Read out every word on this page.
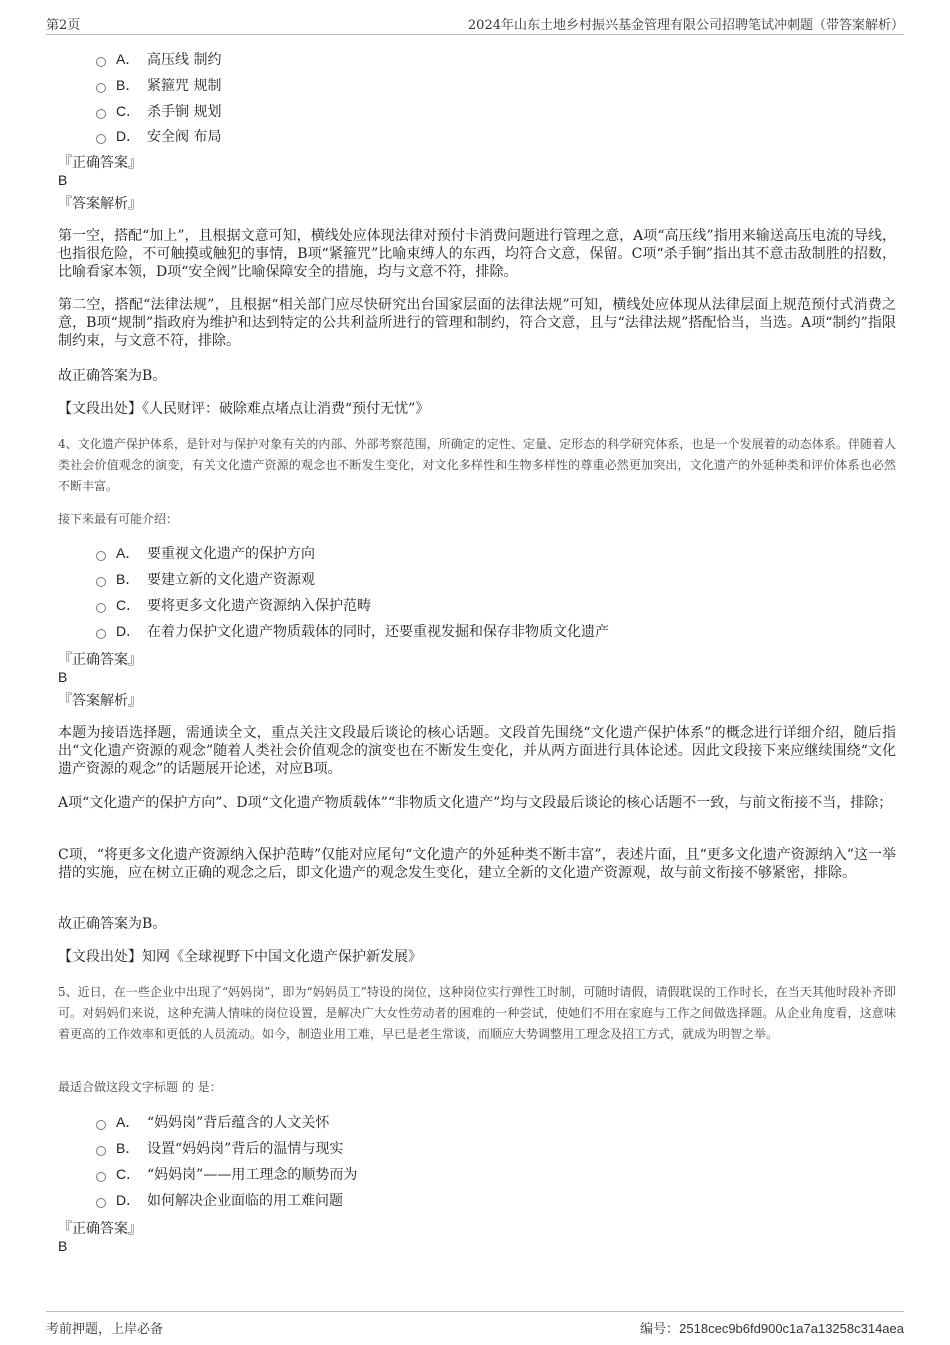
第2页	2024年山东土地乡村振兴基金管理有限公司招聘笔试冲刺题（带答案解析）
A． 高压线 制约
B． 紧箍咒 规制
C． 杀手锏 规划
D． 安全阀 布局
『正确答案』
B
『答案解析』

第一空，搭配“加上”，且根据文意可知，横线处应体现法律对预付卡消费问题进行管理之意，A项“高压线”指用来输送高压电流的导线，也指很危险，不可触摸或触犯的事情，B项“紧箍咒”比喻束缚人的东西，均符合文意，保留。C项“杀手锏”指出其不意击敌制胜的招数，比喻看家本领，D项“安全阀”比喻保障安全的措施，均与文意不符，排除。

第二空，搭配“法律法规”，且根据“相关部门应尽快研究出台国家层面的法律法规”可知，横线处应体现从法律层面上规范预付式消费之意，B项“规制”指政府为维护和达到特定的公共利益所进行的管理和制约，符合文意，且与“法律法规”搭配恰当，当选。A项“制约”指限制约束，与文意不符，排除。

故正确答案为B。

【文段出处】《人民财评：破除难点堵点让消费“预付无忧”》

4、文化遗产保护体系，是针对与保护对象有关的内部、外部考察范围，所确定的定性、定量、定形态的科学研究体系，也是一个发展着的动态体系。伴随着人类社会价值观念的演变，有关文化遗产资源的观念也不断发生变化，对文化多样性和生物多样性的尊重必然更加突出，文化遗产的外延种类和评价体系也必然不断丰富。

接下来最有可能介绍：

A． 要重视文化遗产的保护方向
B． 要建立新的文化遗产资源观
C． 要将更多文化遗产资源纳入保护范畴
D． 在着力保护文化遗产物质载体的同时，还要重视发掘和保存非物质文化遗产
『正确答案』
B
『答案解析』

本题为接语选择题，需通读全文，重点关注文段最后谈论的核心话题。文段首先围绕“文化遗产保护体系”的概念进行详细介绍，随后指出“文化遗产资源的观念”随着人类社会价值观念的演变也在不断发生变化，并从两方面进行具体论述。因此文段接下来应继续围绕“文化遗产资源的观念”的话题展开论述，对应B项。

A项“文化遗产的保护方向”、D项“文化遗产物质载体”“非物质文化遗产”均与文段最后谈论的核心话题不一致，与前文衔接不当，排除；

C项，“将更多文化遗产资源纳入保护范畴”仅能对应尾句“文化遗产的外延种类不断丰富”，表述片面，且“更多文化遗产资源纳入”这一举措的实施，应在树立正确的观念之后，即文化遗产的观念发生变化，建立全新的文化遗产资源观，故与前文衔接不够紧密，排除。

故正确答案为B。

【文段出处】知网《全球视野下中国文化遗产保护新发展》

5、近日，在一些企业中出现了“妈妈岗”，即为“妈妈员工”特设的岗位，这种岗位实行弹性工时制，可随时请假，请假耽误的工作时长，在当天其他时段补齐即可。对妈妈们来说，这种充满人情味的岗位设置，是解决广大女性劳动者的困难的一种尝试，使她们不用在家庭与工作之间做选择题。从企业角度看，这意味着更高的工作效率和更低的人员流动。如今，制造业用工难，早已是老生常谈，而顺应大势调整用工理念及招工方式，就成为明智之举。

最适合做这段文字标题 的 是：

A． “妈妈岗”背后蕴含的人文关怀
B． 设置“妈妈岗”背后的温情与现实
C． “妈妈岗”——用工理念的顺势而为
D． 如何解决企业面临的用工难问题
『正确答案』
B
考前押题，上岸必备	编号：2518cec9b6fd900c1a7a13258c314aea
